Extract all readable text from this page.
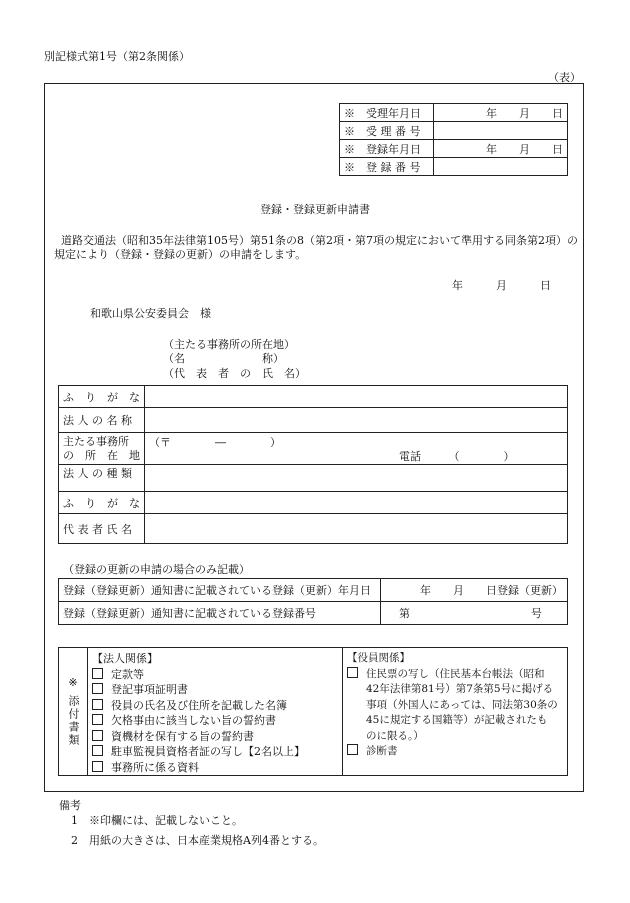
別記様式第1号（第2条関係）
（表）
※　受理年月日	年　　月　　日
※　受 理 番 号	
※　登録年月日	年　　月　　日
※　登 録 番 号	
登録・登録更新申請書
道路交通法（昭和35年法律第105号）第51条の8（第2項・第7項の規定において準用する同条第2項）の
規定により（登録・登録の更新）の申請をします。
年　　　月　　　日
和歌山県公安委員会　様
（主たる事務所の所在地）
（名　　　　　　　称）
（代　表　者　の　氏　名）
ふ　り　が　な	
法 人 の 名 称	
主たる事務所
の　所　在　地	（〒　　　　―　　　　）
電話　　　（　　　　）

法 人 の 種 類	
ふ　り　が　な	
代 表 者 氏 名	
（登録の更新の申請の場合のみ記載）
登録（登録更新）通知書に記載されている登録（更新）年月日	年　　月　　日登録（更新）
登録（登録更新）通知書に記載されている登録番号	第　　　　　　　　　　　号
※
添付書類

【法人関係】
定款等
登記事項証明書
役員の氏名及び住所を記載した名簿
欠格事由に該当しない旨の誓約書
資機材を保有する旨の誓約書
駐車監視員資格者証の写し【2名以上】
事務所に係る資料

【役員関係】
住民票の写し（住民基本台帳法（昭和
42年法律第81号）第7条第5号に掲げる
事項（外国人にあっては、同法第30条の
45に規定する国籍等）が記載されたも
のに限る。）
診断書
備考
1　※印欄には、記載しないこと。
2　用紙の大きさは、日本産業規格A列4番とする。
